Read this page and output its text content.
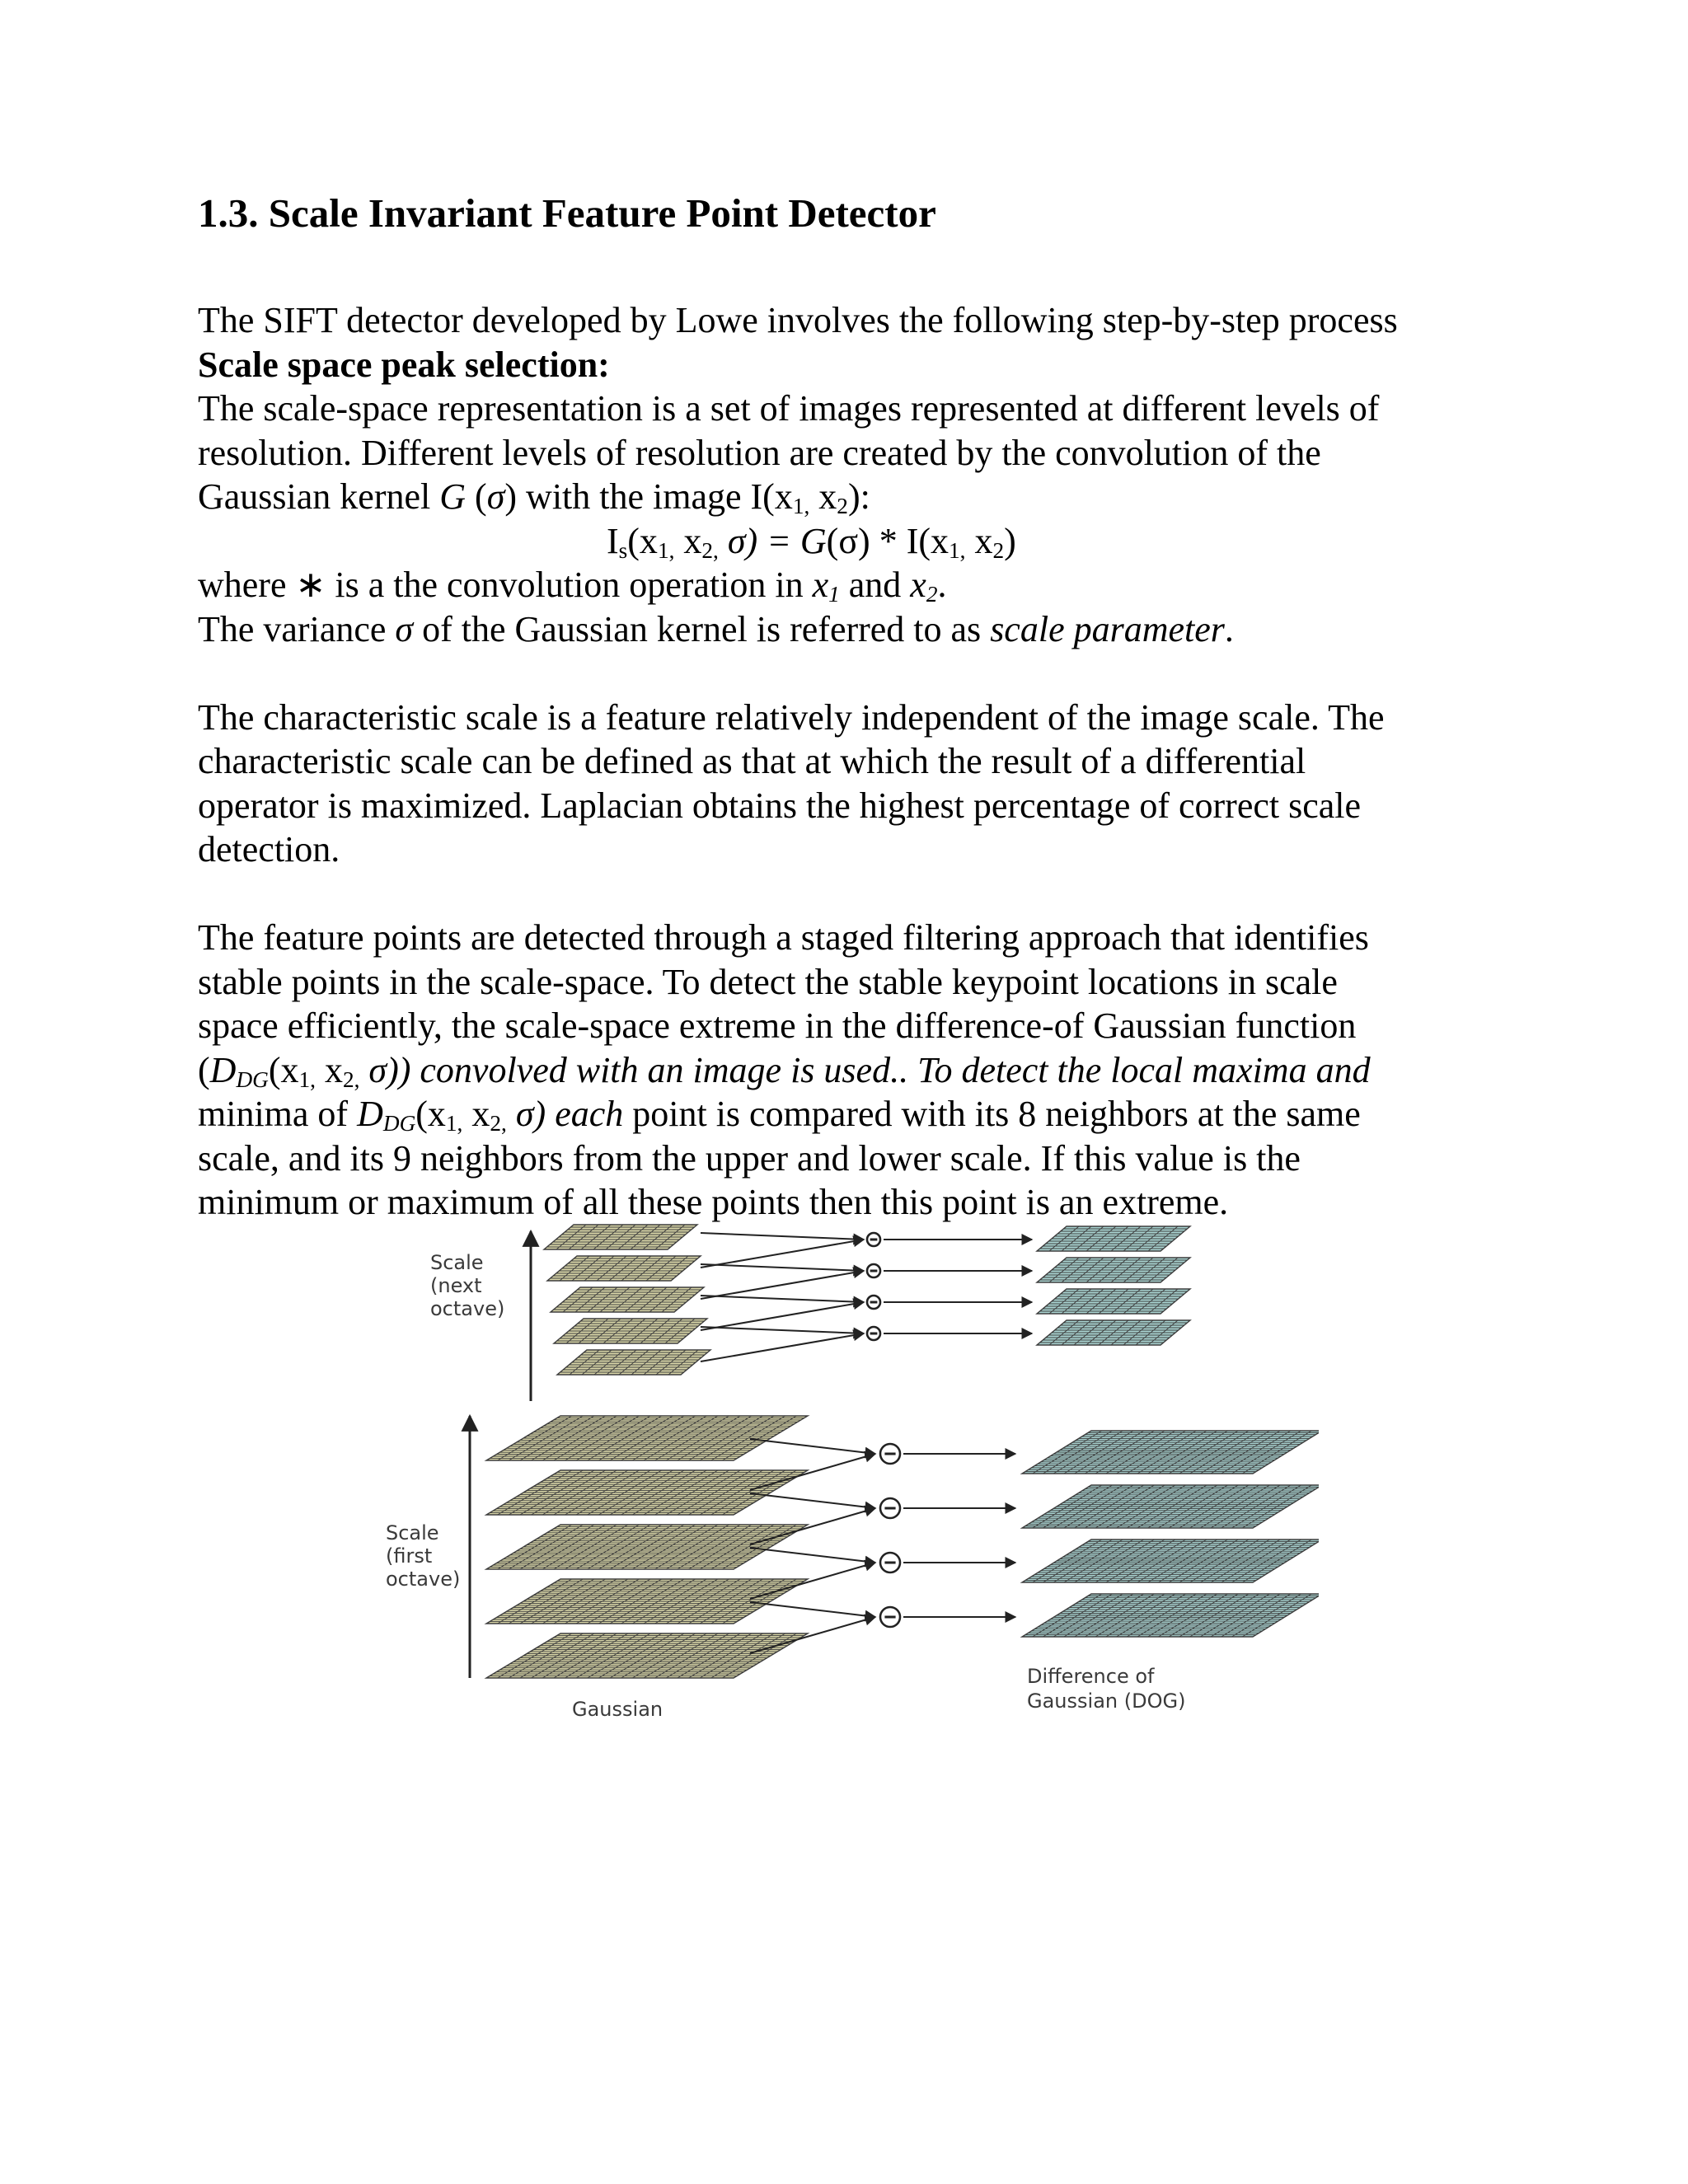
1.3. Scale Invariant Feature Point Detector
The SIFT detector developed by Lowe involves the following step-by-step process
Scale space peak selection:
The scale-space representation is a set of images represented at different levels of
resolution. Different levels of resolution are created by the convolution of the
Gaussian kernel G (σ) with the image $I(x_{1,}$ $x_2$):
$I_s(x_{1,}$ $x_{2,}$ $\sigma) = G(\sigma) * I(x_{1,}$ $x_2$)
where ∗ is a the convolution operation in $x_1$ and $x_2$.
The variance σ of the Gaussian kernel is referred to as scale parameter.
The characteristic scale is a feature relatively independent of the image scale. The
characteristic scale can be defined as that at which the result of a differential
operator is maximized. Laplacian obtains the highest percentage of correct scale
detection.
The feature points are detected through a staged filtering approach that identifies
stable points in the scale-space. To detect the stable keypoint locations in scale
space efficiently, the scale-space extreme in the difference-of Gaussian function
($D_{DG}(x_{1,}$ $x_{2,}$ σ)) convolved with an image is used.. To detect the local maxima and
minima of $D_{DG}(x_{1,}$ $x_{2,}$ σ) each point is compared with its 8 neighbors at the same
scale, and its 9 neighbors from the upper and lower scale. If this value is the
minimum or maximum of all these points then this point is an extreme.
Scale
(next
octave)
Scale
(first
octave)
Gaussian
Difference of
Gaussian (DOG)
